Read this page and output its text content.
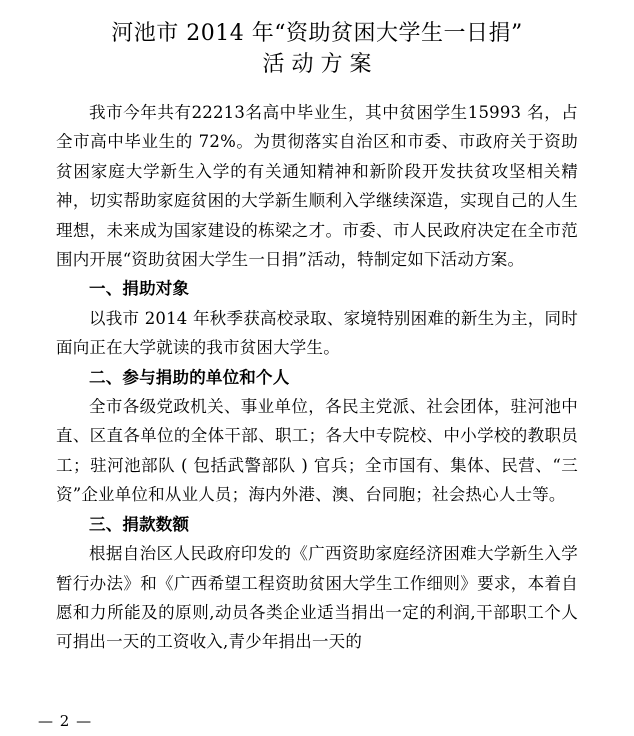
河池市 2014 年“资助贫困大学生一日捐”
活动方案

我市今年共有22213名高中毕业生，其中贫困学生15993 名，占全市高中毕业生的 72%。为贯彻落实自治区和市委、市政府关于资助贫困家庭大学新生入学的有关通知精神和新阶段开发扶贫攻坚相关精神，切实帮助家庭贫困的大学新生顺利入学继续深造，实现自己的人生理想，未来成为国家建设的栋梁之才。市委、市人民政府决定在全市范围内开展“资助贫困大学生一日捐”活动，特制定如下活动方案。

一、捐助对象

以我市 2014 年秋季获高校录取、家境特别困难的新生为主，同时面向正在大学就读的我市贫困大学生。

二、参与捐助的单位和个人

全市各级党政机关、事业单位，各民主党派、社会团体，驻河池中直、区直各单位的全体干部、职工；各大中专院校、中小学校的教职员工；驻河池部队 ( 包括武警部队 ) 官兵；全市国有、集体、民营、“三资”企业单位和从业人员；海内外港、澳、台同胞；社会热心人士等。

三、捐款数额

根据自治区人民政府印发的《广西资助家庭经济困难大学新生入学暂行办法》和《广西希望工程资助贫困大学生工作细则》要求，本着自愿和力所能及的原则,动员各类企业适当捐出一定的利润,干部职工个人可捐出一天的工资收入,青少年捐出一天的

— 2 —
